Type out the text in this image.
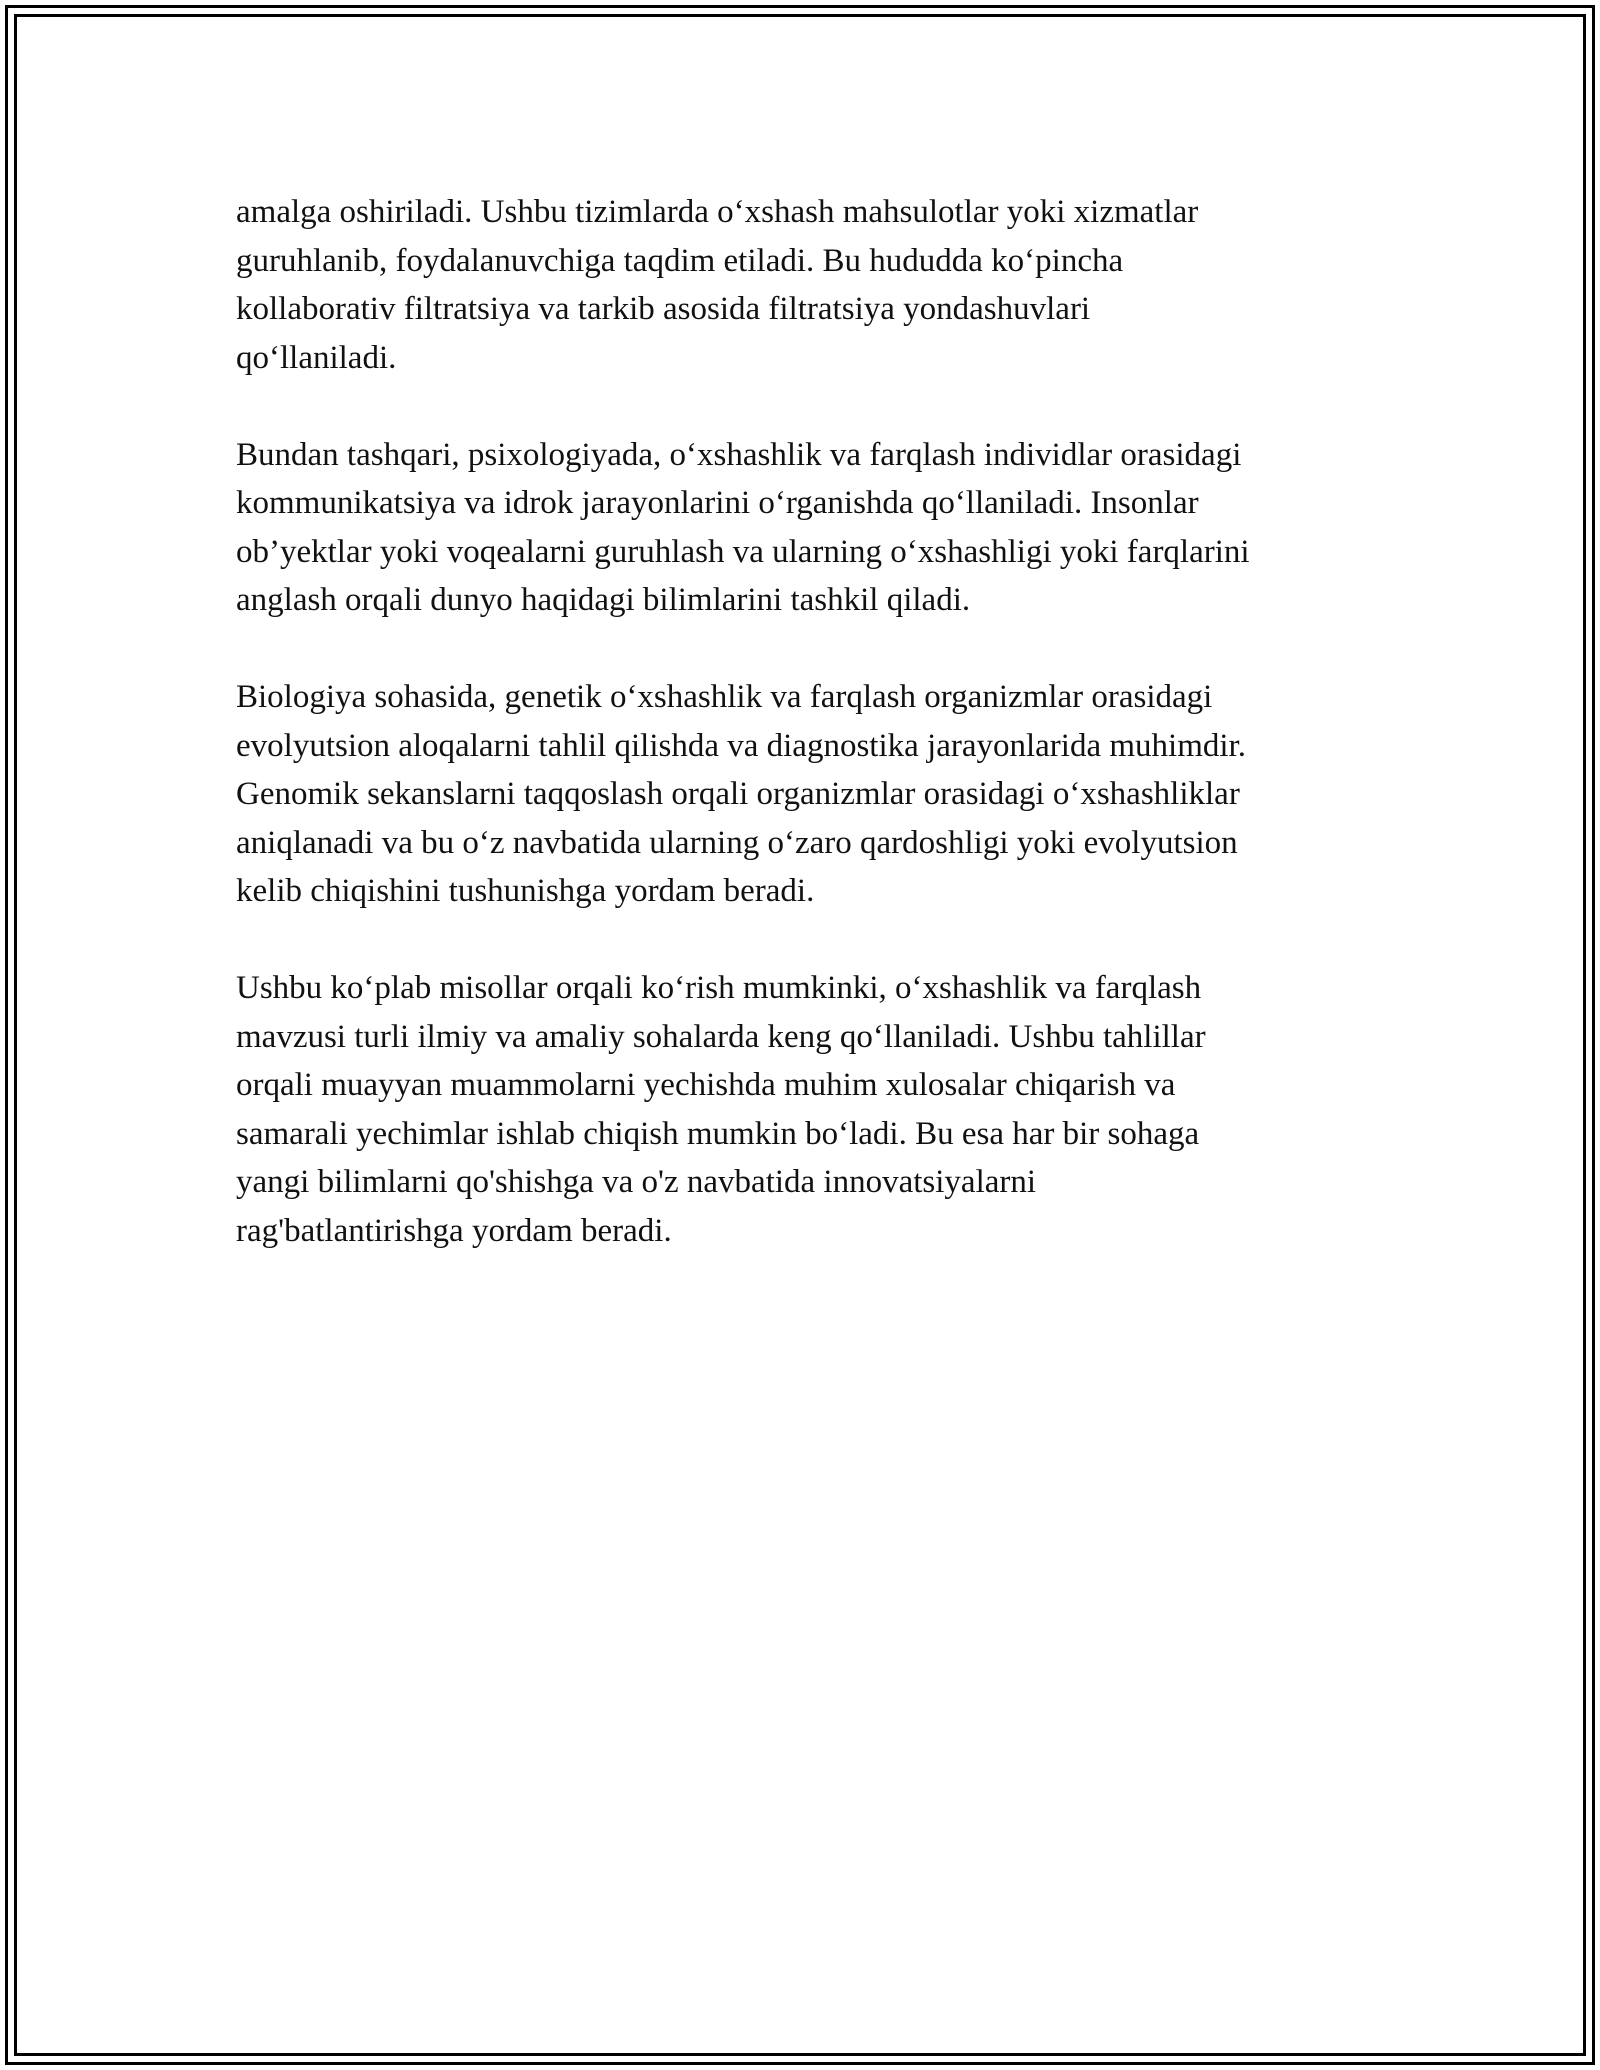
amalga oshiriladi. Ushbu tizimlarda o‘xshash mahsulotlar yoki xizmatlar
guruhlanib, foydalanuvchiga taqdim etiladi. Bu hududda ko‘pincha
kollaborativ filtratsiya va tarkib asosida filtratsiya yondashuvlari
qo‘llaniladi.

Bundan tashqari, psixologiyada, o‘xshashlik va farqlash individlar orasidagi
kommunikatsiya va idrok jarayonlarini o‘rganishda qo‘llaniladi. Insonlar
ob’yektlar yoki voqealarni guruhlash va ularning o‘xshashligi yoki farqlarini
anglash orqali dunyo haqidagi bilimlarini tashkil qiladi.

Biologiya sohasida, genetik o‘xshashlik va farqlash organizmlar orasidagi
evolyutsion aloqalarni tahlil qilishda va diagnostika jarayonlarida muhimdir.
Genomik sekanslarni taqqoslash orqali organizmlar orasidagi o‘xshashliklar
aniqlanadi va bu o‘z navbatida ularning o‘zaro qardoshligi yoki evolyutsion
kelib chiqishini tushunishga yordam beradi.

Ushbu ko‘plab misollar orqali ko‘rish mumkinki, o‘xshashlik va farqlash
mavzusi turli ilmiy va amaliy sohalarda keng qo‘llaniladi. Ushbu tahlillar
orqali muayyan muammolarni yechishda muhim xulosalar chiqarish va
samarali yechimlar ishlab chiqish mumkin bo‘ladi. Bu esa har bir sohaga
yangi bilimlarni qo'shishga va o'z navbatida innovatsiyalarni
rag'batlantirishga yordam beradi.
